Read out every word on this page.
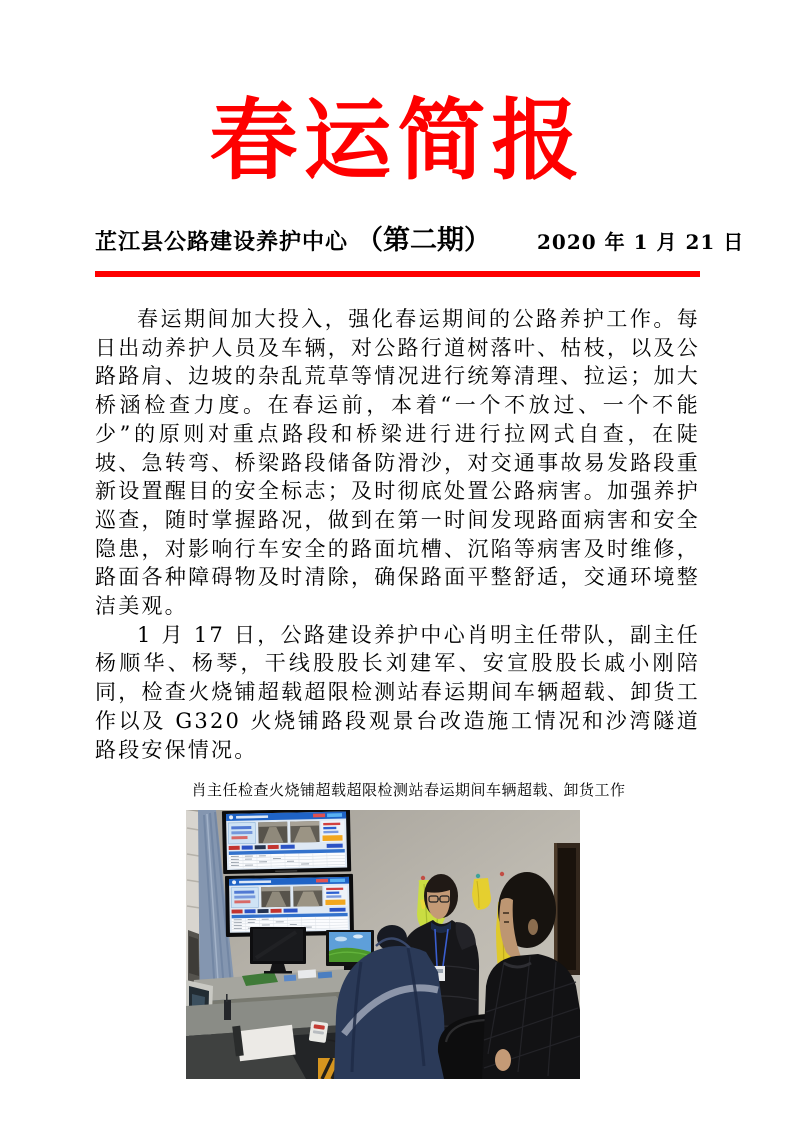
春运简报
芷江县公路建设养护中心 （第二期） 2020 年 1 月 21 日

春运期间加大投入，强化春运期间的公路养护工作。每日出动养护人员及车辆，对公路行道树落叶、枯枝，以及公路路肩、边坡的杂乱荒草等情况进行统筹清理、拉运；加大桥涵检查力度。在春运前，本着“一个不放过、一个不能少”的原则对重点路段和桥梁进行进行拉网式自查，在陡坡、急转弯、桥梁路段储备防滑沙，对交通事故易发路段重新设置醒目的安全标志；及时彻底处置公路病害。加强养护巡查，随时掌握路况，做到在第一时间发现路面病害和安全隐患，对影响行车安全的路面坑槽、沉陷等病害及时维修，路面各种障碍物及时清除，确保路面平整舒适，交通环境整洁美观。

1 月 17 日，公路建设养护中心肖明主任带队，副主任杨顺华、杨琴，干线股股长刘建军、安宣股股长戚小刚陪同，检查火烧铺超载超限检测站春运期间车辆超载、卸货工作以及 G320 火烧铺路段观景台改造施工情况和沙湾隧道路段安保情况。

肖主任检查火烧铺超载超限检测站春运期间车辆超载、卸货工作
